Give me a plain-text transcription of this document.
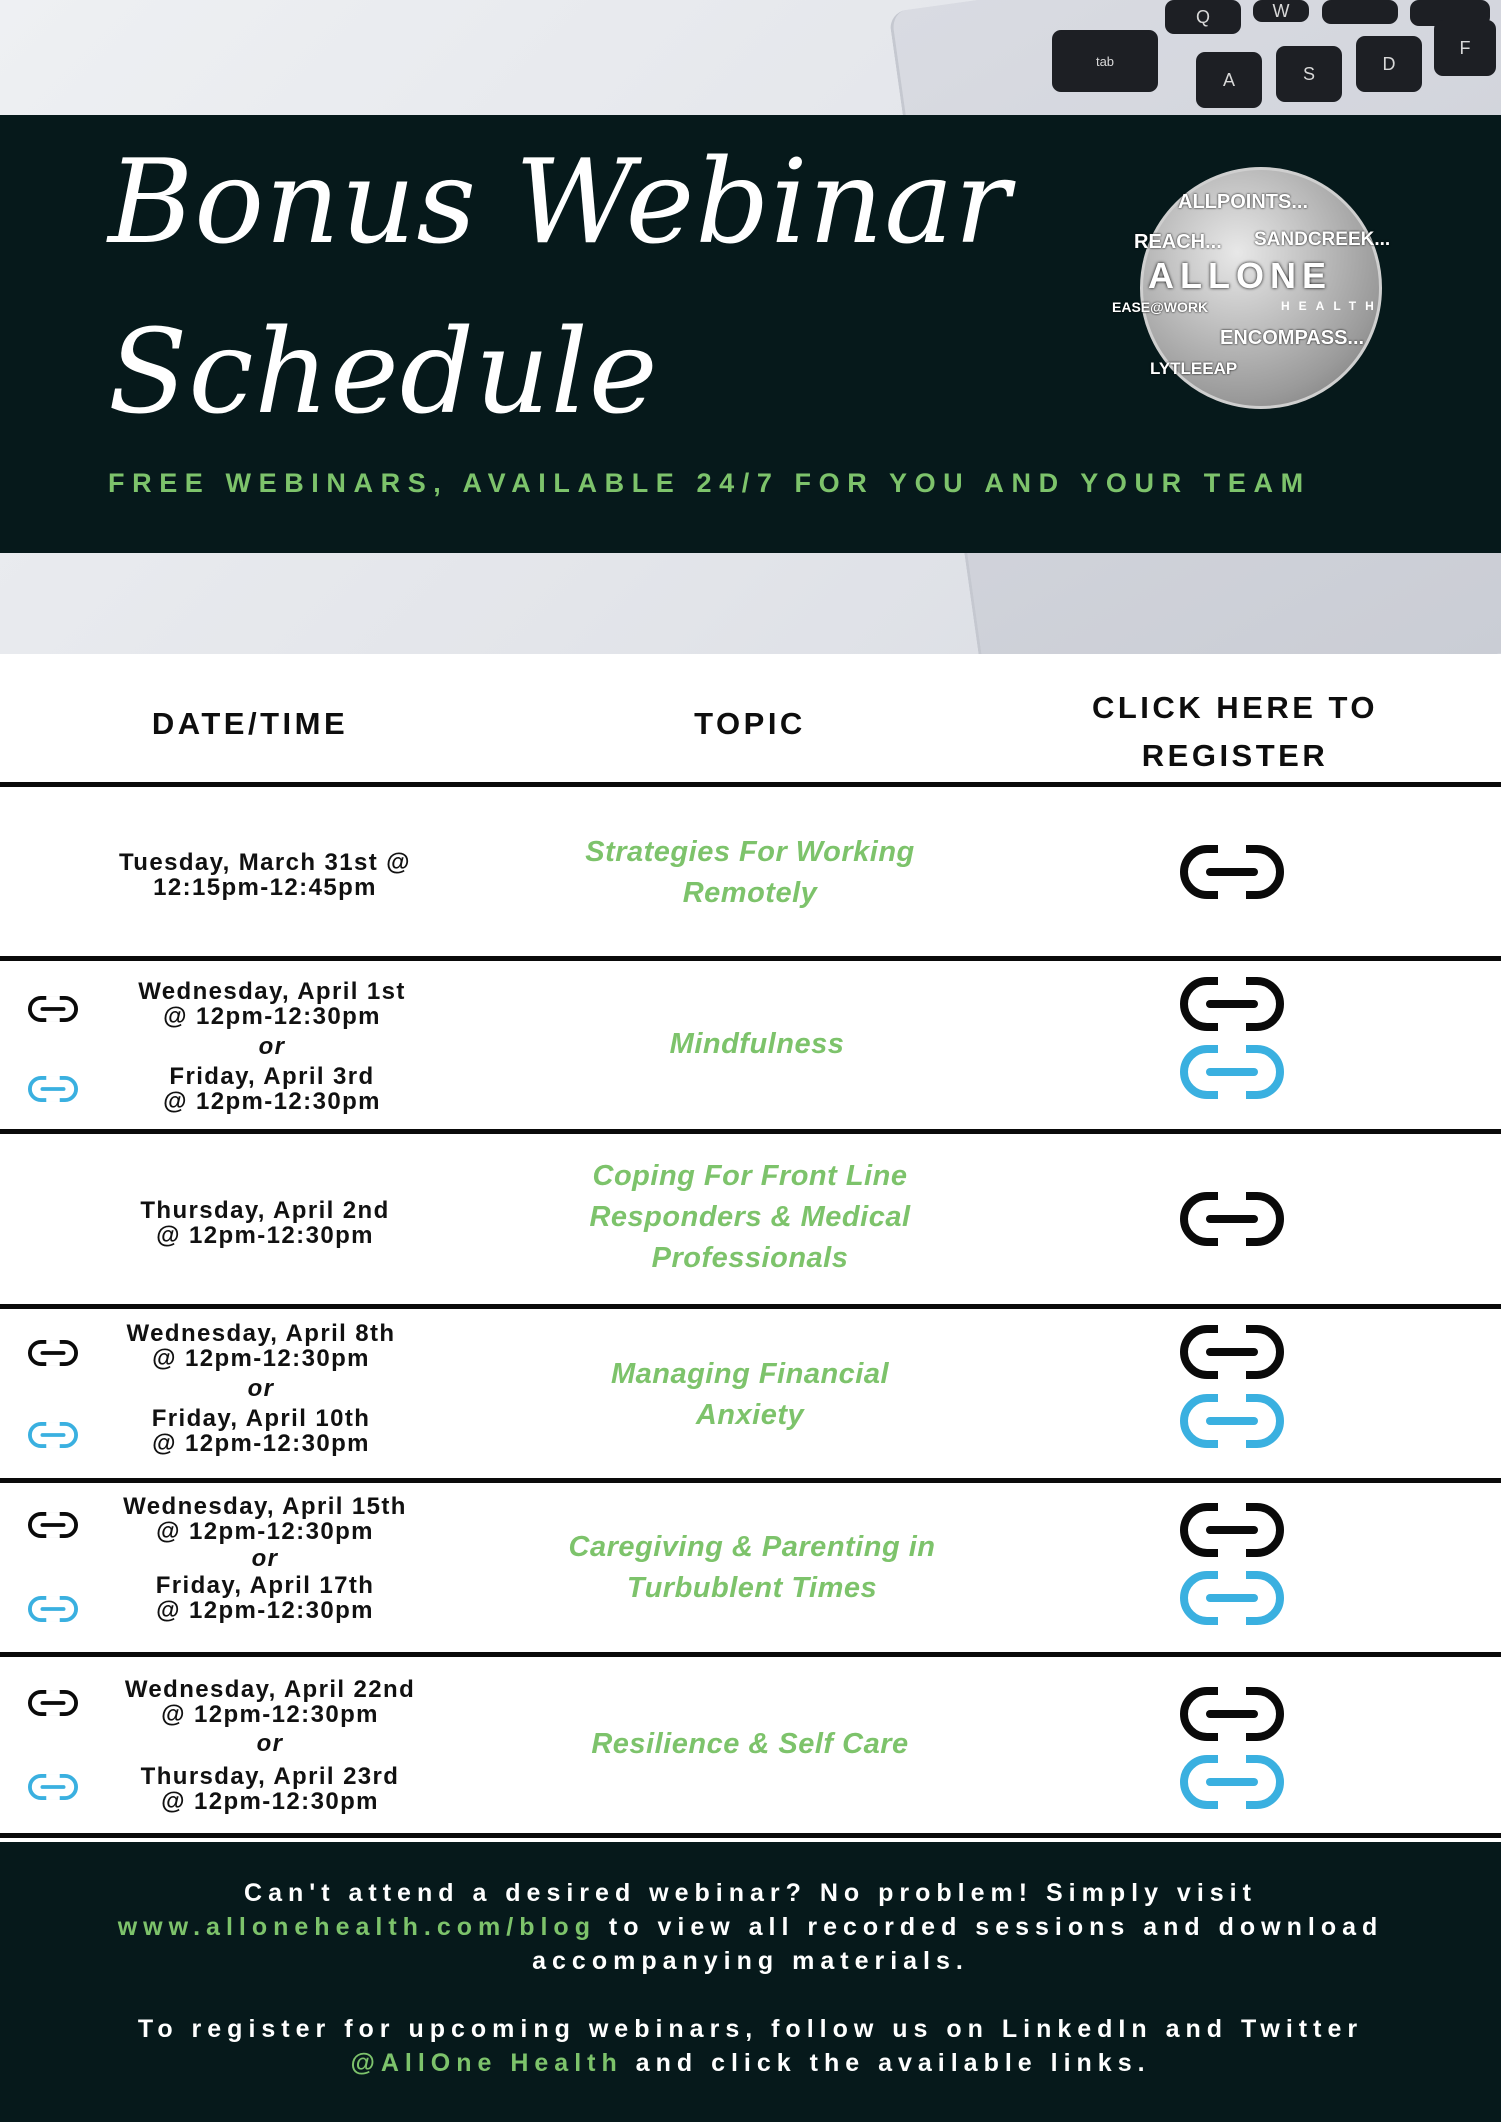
Q	W
tab
A	S	D
F
Bonus Webinar
Schedule
FREE WEBINARS, AVAILABLE 24/7 FOR YOU AND YOUR TEAM
ALLPOINTS...
REACH... SANDCREEK...
ALLONE
EASE@WORK	HEALTH
ENCOMPASS...
LYTLEEAP
DATE/TIME	TOPIC	CLICK HERE TO
REGISTER
Tuesday, March 31st @
12:15pm-12:45pm
Strategies For Working
Remotely
Wednesday, April 1st
@ 12pm-12:30pm
or
Friday, April 3rd
@ 12pm-12:30pm
Mindfulness
Thursday, April 2nd
@ 12pm-12:30pm
Coping For Front Line
Responders & Medical
Professionals
Wednesday, April 8th
@ 12pm-12:30pm
or
Friday, April 10th
@ 12pm-12:30pm
Managing Financial
Anxiety
Wednesday, April 15th
@ 12pm-12:30pm
or
Friday, April 17th
@ 12pm-12:30pm
Caregiving & Parenting in
Turbublent Times
Wednesday, April 22nd
@ 12pm-12:30pm
or
Thursday, April 23rd
@ 12pm-12:30pm
Resilience & Self Care
Can't attend a desired webinar? No problem! Simply visit
www.allonehealth.com/blog to view all recorded sessions and download
accompanying materials.
To register for upcoming webinars, follow us on LinkedIn and Twitter
@AllOne Health and click the available links.
